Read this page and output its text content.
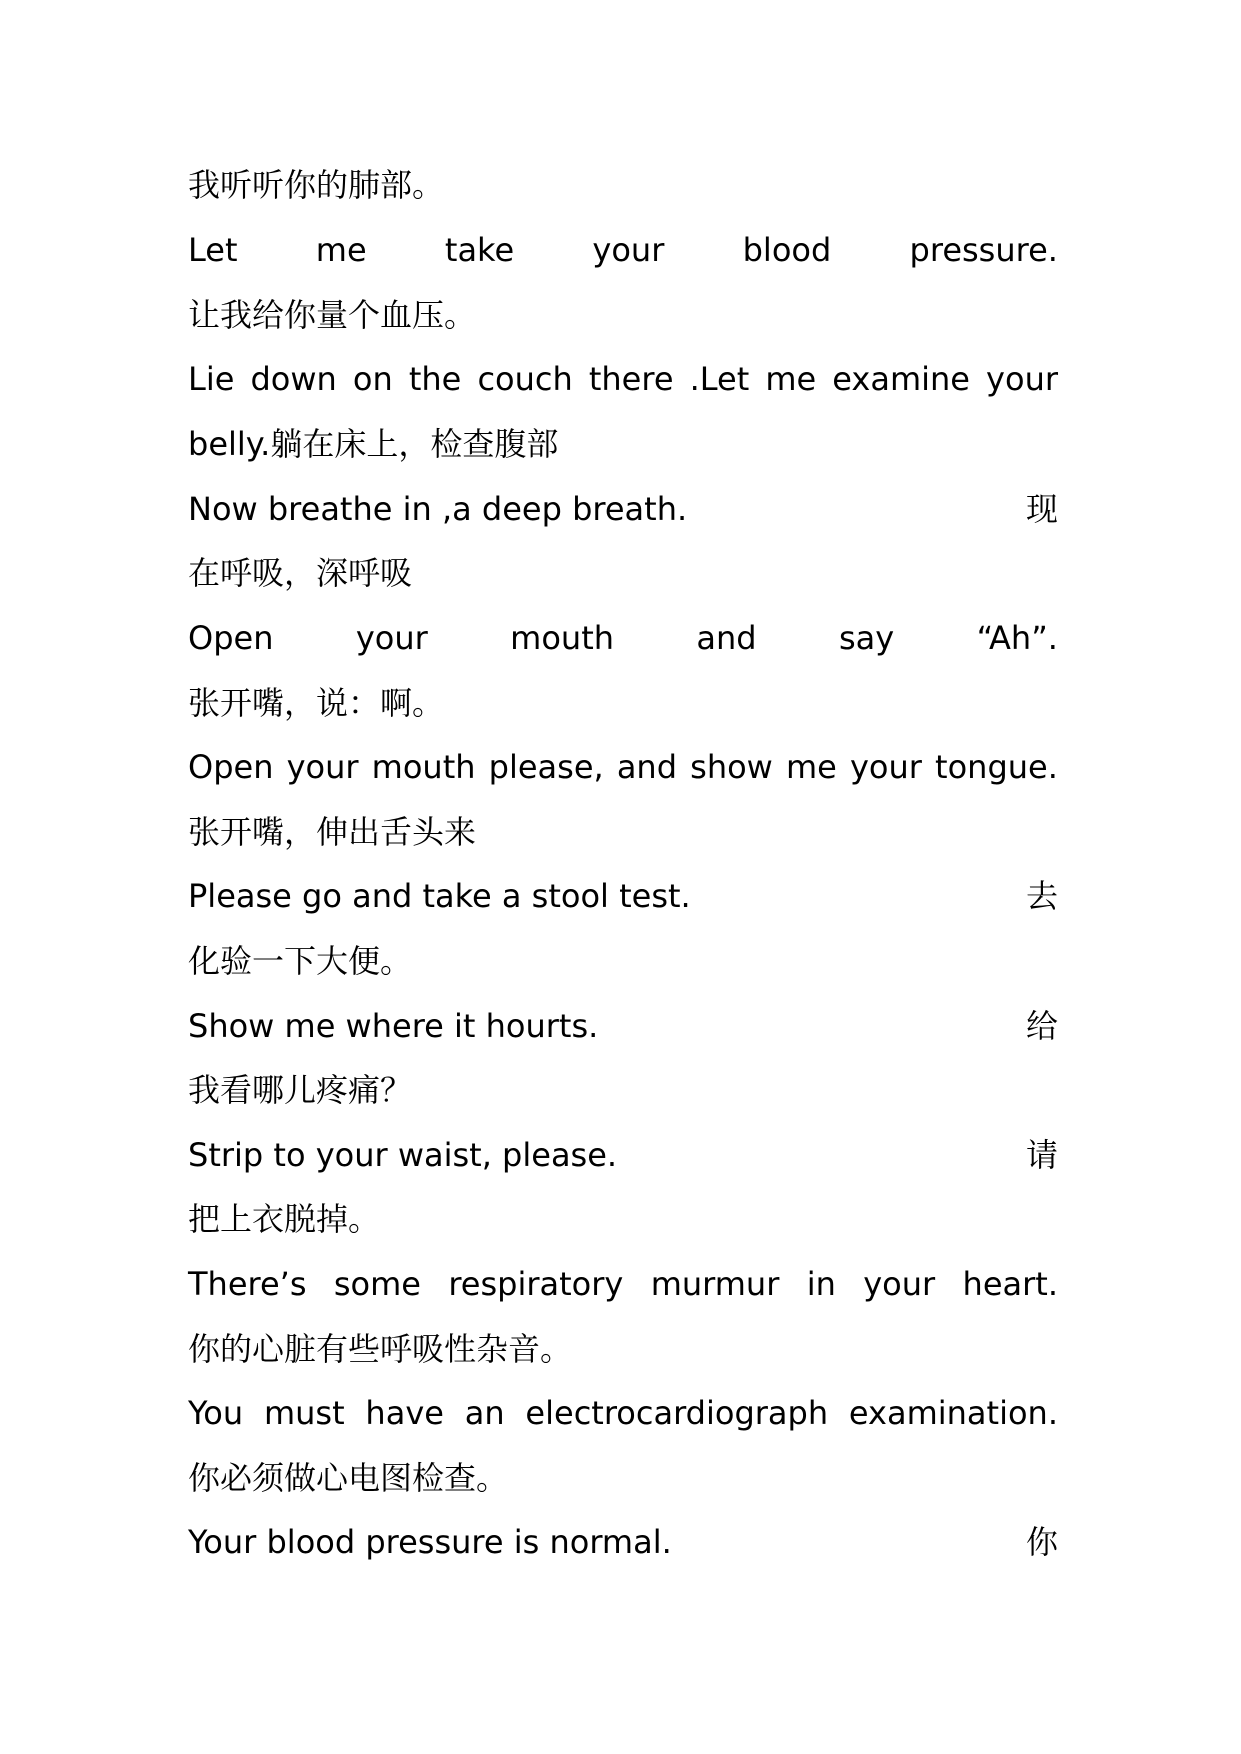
我听听你的肺部。
Let me take your blood pressure.
让我给你量个血压。
Lie down on the couch there .Let me examine your
belly.躺在床上，检查腹部
Now breathe in ,a deep breath.	现
在呼吸，深呼吸
Open	your	mouth	and	say	“Ah”.
张开嘴，说：啊。
Open your mouth please, and show me your tongue.
张开嘴，伸出舌头来
Please go and take a stool test.	去
化验一下大便。
Show me where it hourts.	给
我看哪儿疼痛？
Strip to your waist, please.	请
把上衣脱掉。
There’s some respiratory murmur in your heart.
你的心脏有些呼吸性杂音。
You must have an electrocardiograph examination.
你必须做心电图检查。
Your blood pressure is normal.	你
